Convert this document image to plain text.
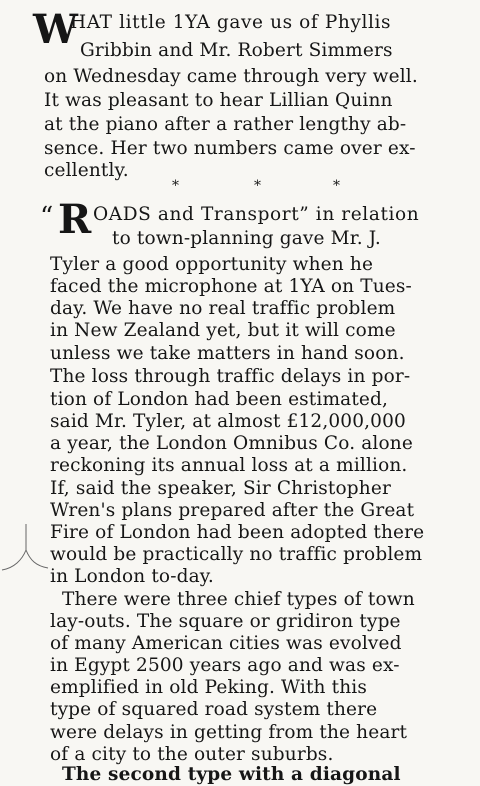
W
HAT little 1YA gave us of Phyllis
Gribbin and Mr. Robert Simmers
on Wednesday came through very well.
It was pleasant to hear Lillian Quinn
at the piano after a rather lengthy ab-
sence. Her two numbers came over ex-
cellently.
*	*	*
“ R OADS and Transport” in relation
to town-planning gave Mr. J.
Tyler a good opportunity when he
faced the microphone at 1YA on Tues-
day. We have no real traffic problem
in New Zealand yet, but it will come
unless we take matters in hand soon.
The loss through traffic delays in por-
tion of London had been estimated,
said Mr. Tyler, at almost £12,000,000
a year, the London Omnibus Co. alone
reckoning its annual loss at a million.
If, said the speaker, Sir Christopher
Wren's plans prepared after the Great
Fire of London had been adopted there
would be practically no traffic problem
in London to-day.
There were three chief types of town
lay-outs. The square or gridiron type
of many American cities was evolved
in Egypt 2500 years ago and was ex-
emplified in old Peking. With this
type of squared road system there
were delays in getting from the heart
of a city to the outer suburbs.
The second type with a diagonal
